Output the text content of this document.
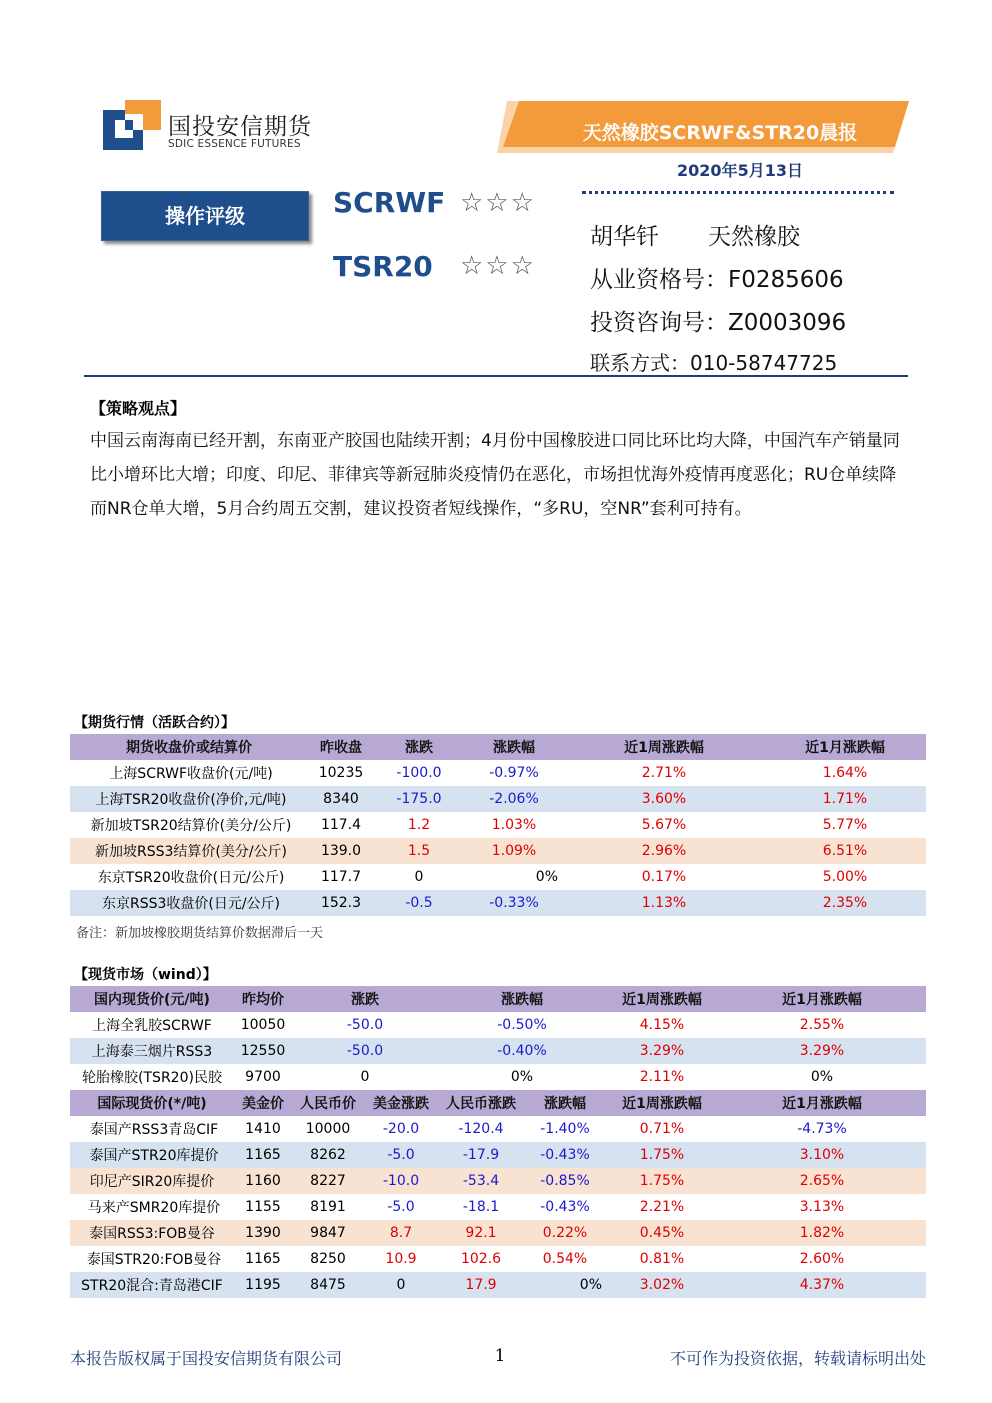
国投安信期货
SDIC ESSENCE FUTURES	天然橡胶SCRWF&STR20晨报
2020年5月13日
操作评级	SCRWF ☆☆☆
TSR20 ☆☆☆
胡华钎 天然橡胶
从业资格号：F0285606
投资咨询号：Z0003096
联系方式：010-58747725
【策略观点】
中国云南海南已经开割，东南亚产胶国也陆续开割；4月份中国橡胶进口同比环比均大降，中国汽车产销量同比小增环比大增；印度、印尼、菲律宾等新冠肺炎疫情仍在恶化，市场担忧海外疫情再度恶化；RU仓单续降而NR仓单大增，5月合约周五交割，建议投资者短线操作，“多RU，空NR”套利可持有。
【期货行情（活跃合约）】
期货收盘价或结算价	昨收盘	涨跌	涨跌幅	近1周涨跌幅	近1月涨跌幅
上海SCRWF收盘价(元/吨)	10235	-100.0	-0.97%	2.71%	1.64%
上海TSR20收盘价(净价,元/吨)	8340	-175.0	-2.06%	3.60%	1.71%
新加坡TSR20结算价(美分/公斤)	117.4	1.2	1.03%	5.67%	5.77%
新加坡RSS3结算价(美分/公斤)	139.0	1.5	1.09%	2.96%	6.51%
东京TSR20收盘价(日元/公斤)	117.7	0	0%	0.17%	5.00%
东京RSS3收盘价(日元/公斤)	152.3	-0.5	-0.33%	1.13%	2.35%
备注：新加坡橡胶期货结算价数据滞后一天
【现货市场（wind）】
国内现货价(元/吨)	昨均价	涨跌		涨跌幅		近1周涨跌幅	近1月涨跌幅
上海全乳胶SCRWF	10050	-50.0		-0.50%		4.15%	2.55%
上海泰三烟片RSS3	12550	-50.0		-0.40%		3.29%	3.29%
轮胎橡胶(TSR20)民胶	9700	0		0%		2.11%	0%
国际现货价(*/吨)	美金价	人民币价	美金涨跌	人民币涨跌	涨跌幅	近1周涨跌幅	近1月涨跌幅
泰国产RSS3青岛CIF	1410	10000	-20.0	-120.4	-1.40%	0.71%	-4.73%
泰国产STR20库提价	1165	8262	-5.0	-17.9	-0.43%	1.75%	3.10%
印尼产SIR20库提价	1160	8227	-10.0	-53.4	-0.85%	1.75%	2.65%
马来产SMR20库提价	1155	8191	-5.0	-18.1	-0.43%	2.21%	3.13%
泰国RSS3:FOB曼谷	1390	9847	8.7	92.1	0.22%	0.45%	1.82%
泰国STR20:FOB曼谷	1165	8250	10.9	102.6	0.54%	0.81%	2.60%
STR20混合:青岛港CIF	1195	8475	0	17.9	0%	3.02%	4.37%
本报告版权属于国投安信期货有限公司	1	不可作为投资依据，转载请标明出处
